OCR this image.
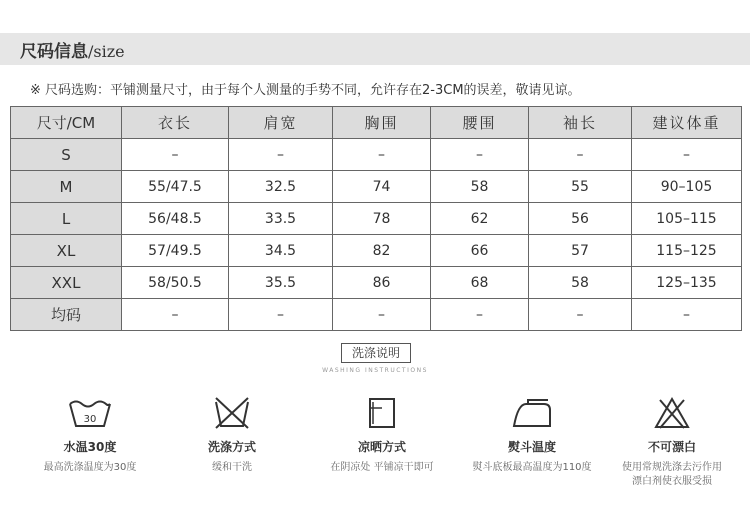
尺码信息/size
※ 尺码选购：平铺测量尺寸，由于每个人测量的手势不同，允许存在2-3CM的误差，敬请见谅。
尺寸/CM	衣长	肩宽	胸围	腰围	袖长	建议体重
S	–	–	–	–	–	–
M	55/47.5	32.5	74	58	55	90–105
L	56/48.5	33.5	78	62	56	105–115
XL	57/49.5	34.5	82	66	57	115–125
XXL	58/50.5	35.5	86	68	58	125–135
均码	–	–	–	–	–	–
洗涤说明
WASHING INSTRUCTIONS
30
水温30度
最高洗涤温度为30度
洗涤方式
缓和干洗
凉晒方式
在阴凉处 平铺凉干即可
熨斗温度
熨斗底板最高温度为110度
不可漂白
使用常规洗涤去污作用
漂白剂使衣服受损
